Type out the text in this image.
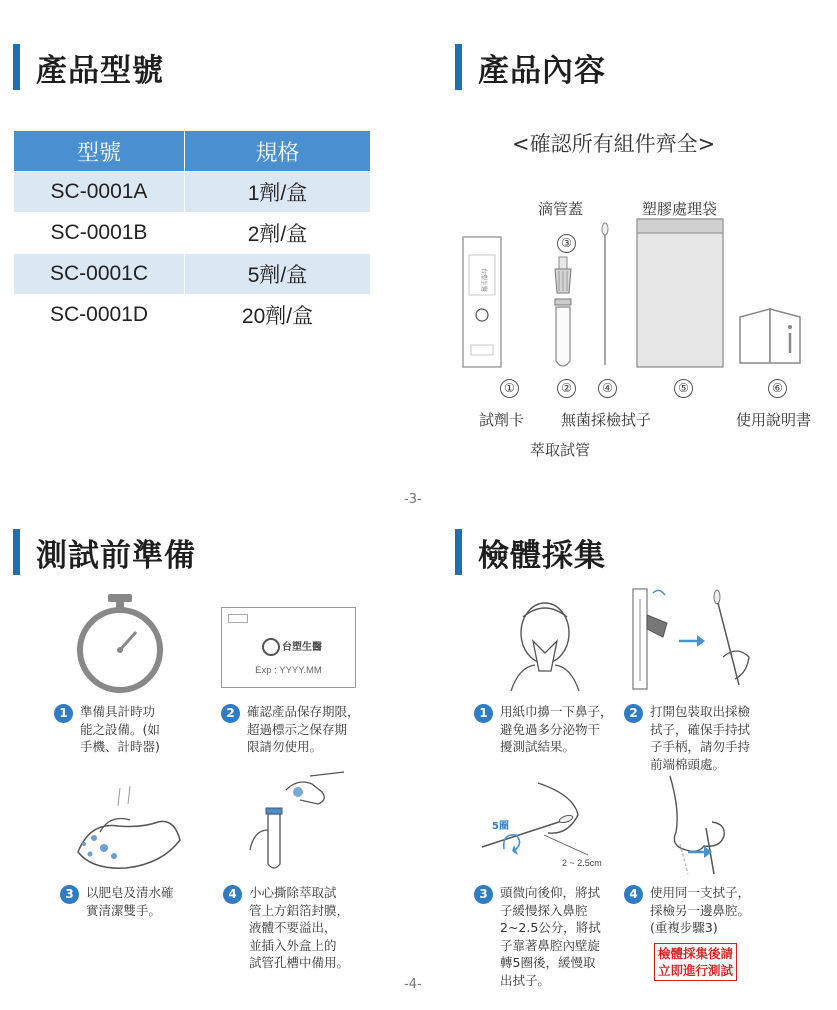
產品型號
型號	規格
SC-0001A	1劑/盒
SC-0001B	2劑/盒
SC-0001C	5劑/盒
SC-0001D	20劑/盒
產品內容
<確認所有組件齊全>
滴管蓋	塑膠處理袋
③
台塑生醫
①	②	④	⑤	⑥
試劑卡 無菌採檢拭子	使用說明書
萃取試管
-3-
測試前準備
台塑生醫
Exp : YYYY.MM
1 準備具計時功
能之設備。(如
手機、計時器)
2 確認產品保存期限，
超過標示之保存期
限請勿使用。
3 以肥皂及清水確
實清潔雙手。
4 小心撕除萃取試
管上方鋁箔封膜，
液體不要溢出，
並插入外盒上的
試管孔槽中備用。
檢體採集
1 用紙巾擤一下鼻子，
避免過多分泌物干
擾測試結果。
2 打開包裝取出採檢
拭子，確保手持拭
子手柄，請勿手持
前端棉頭處。
5圈
2 ~ 2.5cm
3 頭微向後仰，將拭
子緩慢探入鼻腔
2~2.5公分，將拭
子靠著鼻腔內壁旋
轉5圈後，緩慢取
出拭子。
4 使用同一支拭子，
採檢另一邊鼻腔。
(重複步驟3)
檢體採集後請
立即進行測試
-4-
